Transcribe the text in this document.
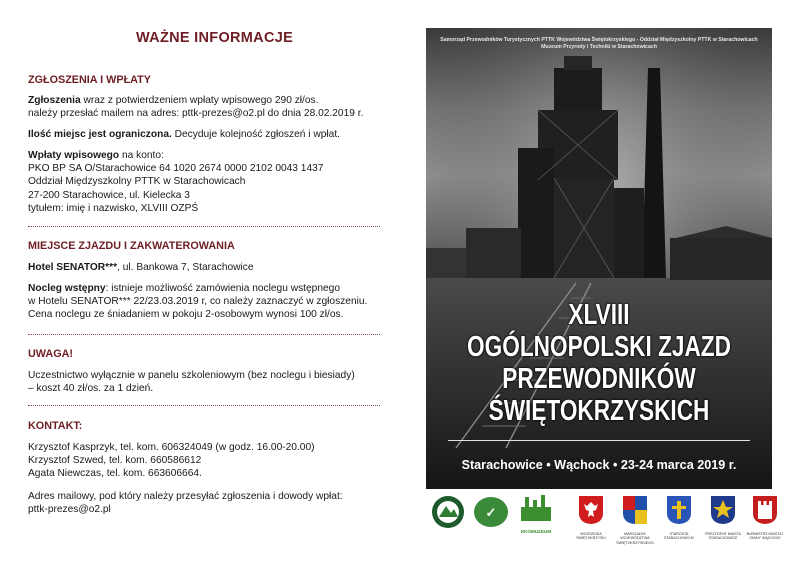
WAŻNE INFORMACJE
ZGŁOSZENIA I WPŁATY
Zgłoszenia wraz z potwierdzeniem wpłaty wpisowego 290 zł/os.
należy przesłać mailem na adres: pttk-prezes@o2.pl do dnia 28.02.2019 r.
Ilość miejsc jest ograniczona. Decyduje kolejność zgłoszeń i wpłat.
Wpłaty wpisowego na konto:
PKO BP SA O/Starachowice 64 1020 2674 0000 2102 0043 1437
Oddział Międzyszkolny PTTK w Starachowicach
27-200 Starachowice, ul. Kielecka 3
tytułem: imię i nazwisko, XLVIII OZPŚ
MIEJSCE ZJAZDU I ZAKWATEROWANIA
Hotel SENATOR***, ul. Bankowa 7, Starachowice
Nocleg wstępny: istnieje możliwość zamówienia noclegu wstępnego
w Hotelu SENATOR*** 22/23.03.2019 r, co należy zaznaczyć w zgłoszeniu.
Cena noclegu ze śniadaniem w pokoju 2-osobowym wynosi 100 zł/os.
UWAGA!
Uczestnictwo wyłącznie w panelu szkoleniowym (bez noclegu i biesiady)
– koszt 40 zł/os. za 1 dzień.
KONTAKT:
Krzysztof Kasprzyk, tel. kom. 606324049 (w godz. 16.00-20.00)
Krzysztof Szwed, tel. kom. 660586612
Agata Niewczas, tel. kom. 663606664.
Adres mailowy, pod który należy przesyłać zgłoszenia i dowody wpłat:
pttk-prezes@o2.pl
Samorząd Przewodników Turystycznych PTTK Województwa Świętokrzyskiego - Oddział Międzyszkolny PTTK w Starachowicach
Muzeum Przyrody i Techniki w Starachowicach
XLVIII
OGÓLNOPOLSKI ZJAZD
PRZEWODNIKÓW
ŚWIĘTOKRZYSKICH
Starachowice • Wąchock • 23-24 marca 2019 r.
✓
EKOMUZEUM	WOJEWODA ŚWIĘTOKRZYSKI
MARSZAŁEK WOJEWÓDZTWA ŚWIĘTOKRZYSKIEGO
STAROSTA STARACHOWICKI
PREZYDENT MIASTA STARACHOWICE
BURMISTRZ MIASTA I GMINY WĄCHOCK
